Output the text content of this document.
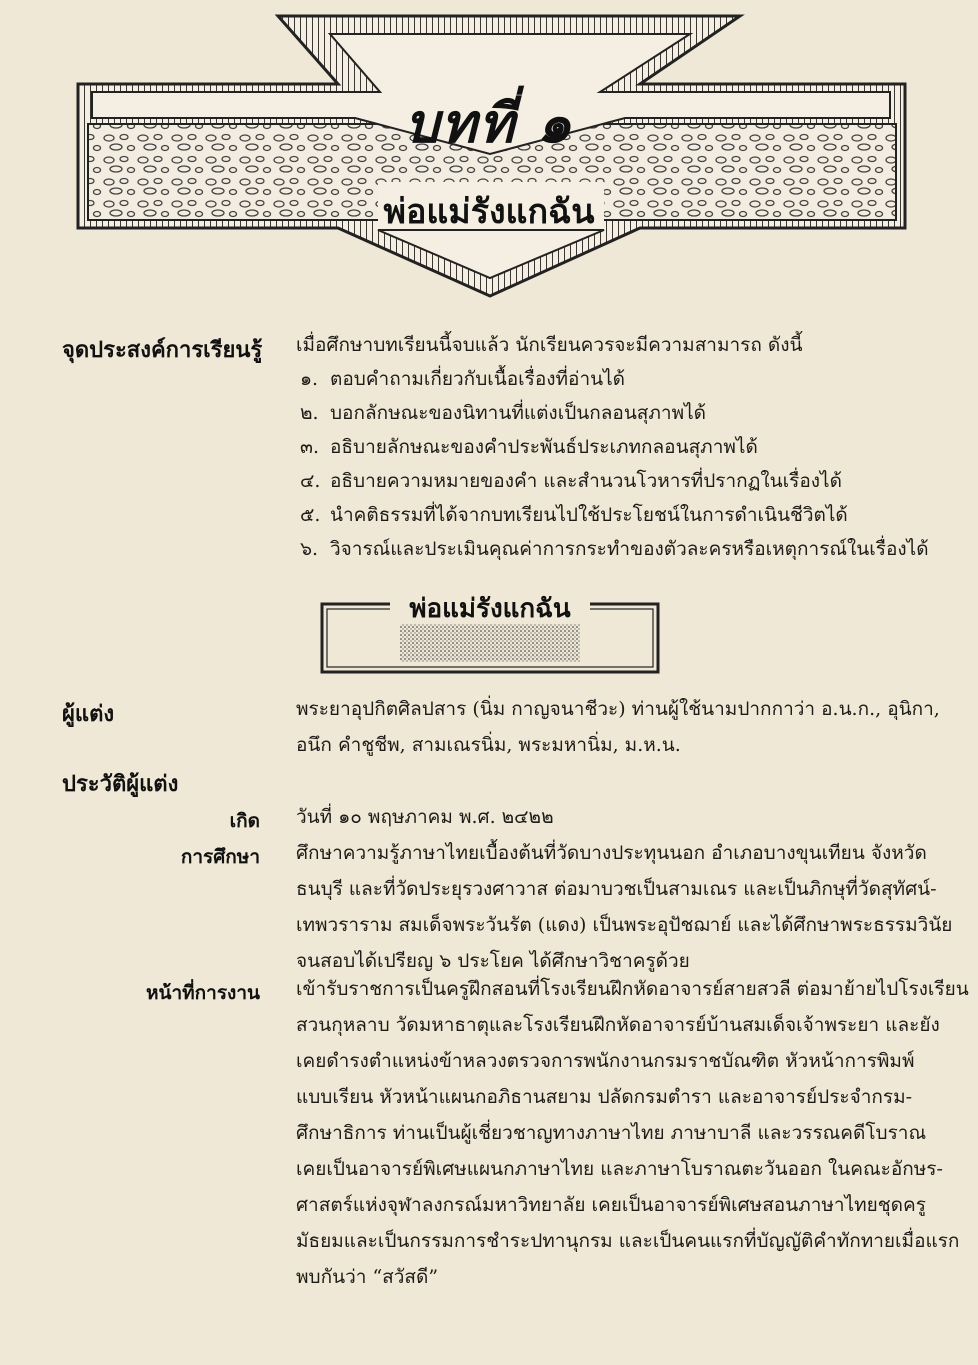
บทที่ ๑
พ่อแม่รังแกฉัน
จุดประสงค์การเรียนรู้ เมื่อศึกษาบทเรียนนี้จบแล้ว นักเรียนควรจะมีความสามารถ ดังนี้
๑. ตอบคำถามเกี่ยวกับเนื้อเรื่องที่อ่านได้
๒. บอกลักษณะของนิทานที่แต่งเป็นกลอนสุภาพได้
๓. อธิบายลักษณะของคำประพันธ์ประเภทกลอนสุภาพได้
๔. อธิบายความหมายของคำ และสำนวนโวหารที่ปรากฏในเรื่องได้
๕. นำคติธรรมที่ได้จากบทเรียนไปใช้ประโยชน์ในการดำเนินชีวิตได้
๖. วิจารณ์และประเมินคุณค่าการกระทำของตัวละครหรือเหตุการณ์ในเรื่องได้
พ่อแม่รังแกฉัน
ผู้แต่ง	พระยาอุปกิตศิลปสาร (นิ่ม กาญจนาชีวะ) ท่านผู้ใช้นามปากกาว่า อ.น.ก., อุนิกา,
อนึก คำชูชีพ, สามเณรนิ่ม, พระมหานิ่ม, ม.ห.น.
ประวัติผู้แต่ง
เกิด วันที่ ๑๐ พฤษภาคม พ.ศ. ๒๔๒๒
การศึกษา ศึกษาความรู้ภาษาไทยเบื้องต้นที่วัดบางประทุนนอก อำเภอบางขุนเทียน จังหวัด
ธนบุรี และที่วัดประยุรวงศาวาส ต่อมาบวชเป็นสามเณร และเป็นภิกษุที่วัดสุทัศน์-
เทพวราราม สมเด็จพระวันรัต (แดง) เป็นพระอุปัชฌาย์ และได้ศึกษาพระธรรมวินัย
จนสอบได้เปรียญ ๖ ประโยค ได้ศึกษาวิชาครูด้วย
หน้าที่การงาน เข้ารับราชการเป็นครูฝึกสอนที่โรงเรียนฝึกหัดอาจารย์สายสวลี ต่อมาย้ายไปโรงเรียน
สวนกุหลาบ วัดมหาธาตุและโรงเรียนฝึกหัดอาจารย์บ้านสมเด็จเจ้าพระยา และยัง
เคยดำรงตำแหน่งข้าหลวงตรวจการพนักงานกรมราชบัณฑิต หัวหน้าการพิมพ์
แบบเรียน หัวหน้าแผนกอภิธานสยาม ปลัดกรมตำรา และอาจารย์ประจำกรม-
ศึกษาธิการ ท่านเป็นผู้เชี่ยวชาญทางภาษาไทย ภาษาบาลี และวรรณคดีโบราณ
เคยเป็นอาจารย์พิเศษแผนกภาษาไทย และภาษาโบราณตะวันออก ในคณะอักษร-
ศาสตร์แห่งจุฬาลงกรณ์มหาวิทยาลัย เคยเป็นอาจารย์พิเศษสอนภาษาไทยชุดครู
มัธยมและเป็นกรรมการชำระปทานุกรม และเป็นคนแรกที่บัญญัติคำทักทายเมื่อแรก
พบกันว่า “สวัสดี”
